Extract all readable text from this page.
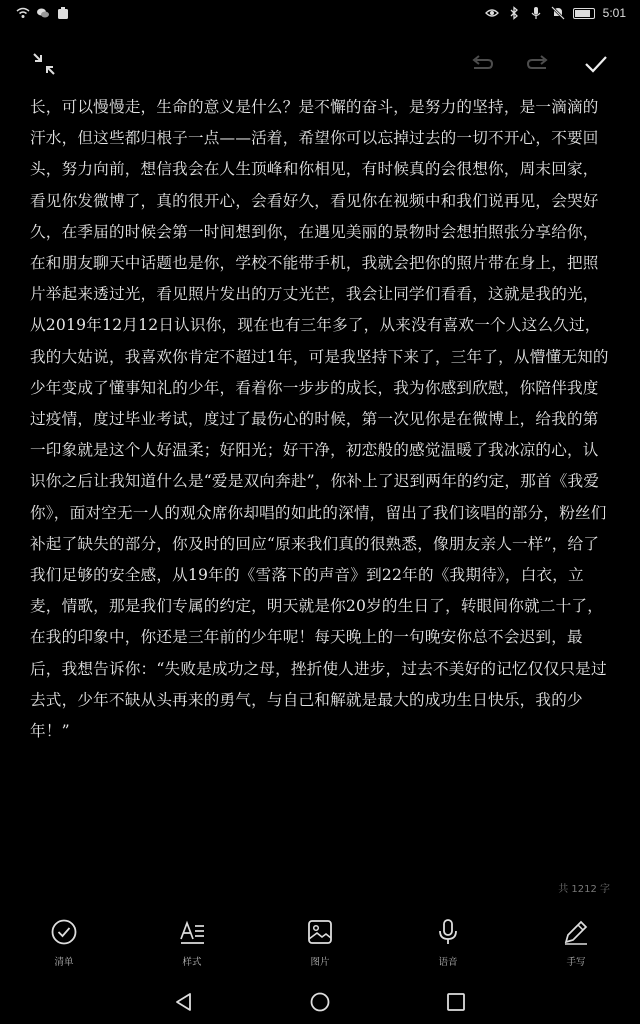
5:01
长，可以慢慢走，生命的意义是什么？是不懈的奋斗，是努力的坚持，是一滴滴的汗水，但这些都归根子一点——活着，希望你可以忘掉过去的一切不开心，不要回头，努力向前，想信我会在人生顶峰和你相见，有时候真的会很想你，周末回家，看见你发微博了，真的很开心，会看好久，看见你在视频中和我们说再见，会哭好久，在季届的时候会第一时间想到你，在遇见美丽的景物时会想拍照张分享给你，在和朋友聊天中话题也是你，学校不能带手机，我就会把你的照片带在身上，把照片举起来透过光，看见照片发出的万丈光芒，我会让同学们看看，这就是我的光，从2019年12月12日认识你，现在也有三年多了，从来没有喜欢一个人这么久过，我的大姑说，我喜欢你肯定不超过1年，可是我坚持下来了，三年了，从懵懂无知的少年变成了懂事知礼的少年，看着你一步步的成长，我为你感到欣慰，你陪伴我度过疫情，度过毕业考试，度过了最伤心的时候，第一次见你是在微博上，给我的第一印象就是这个人好温柔；好阳光；好干净，初恋般的感觉温暖了我冰凉的心，认识你之后让我知道什么是“爱是双向奔赴”，你补上了迟到两年的约定，那首《我爱你》，面对空无一人的观众席你却唱的如此的深情，留出了我们该唱的部分，粉丝们补起了缺失的部分，你及时的回应“原来我们真的很熟悉，像朋友亲人一样”，给了我们足够的安全感，从19年的《雪落下的声音》到22年的《我期待》，白衣，立麦，情歌，那是我们专属的约定，明天就是你20岁的生日了，转眼间你就二十了，在我的印象中，你还是三年前的少年呢！每天晚上的一句晚安你总不会迟到，最后，我想告诉你：“失败是成功之母，挫折使人进步，过去不美好的记忆仅仅只是过去式，少年不缺从头再来的勇气，与自己和解就是最大的成功生日快乐，我的少年！”
共 1212 字
清单	样式	图片	语音	手写
